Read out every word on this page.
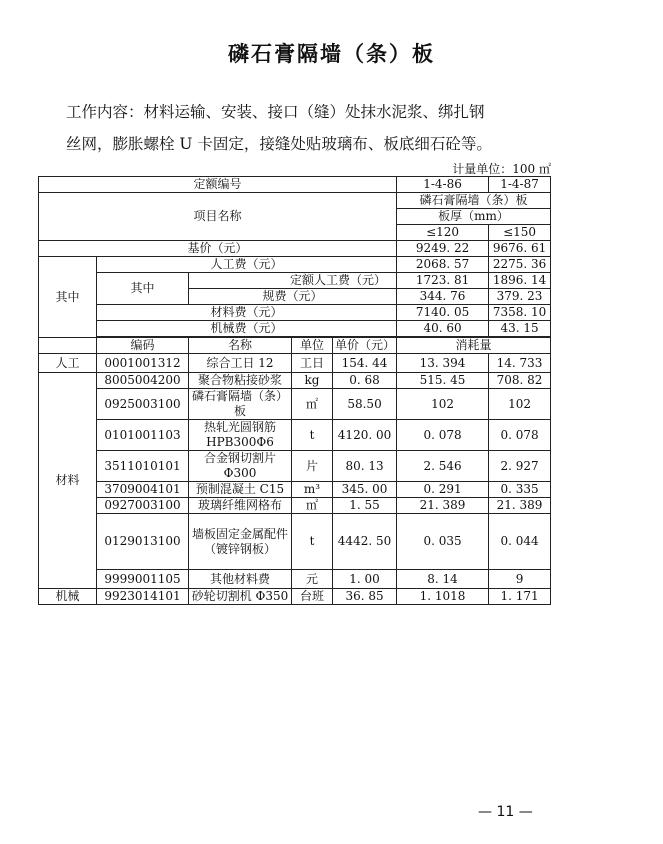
磷石膏隔墙（条）板
工作内容：材料运输、安装、接口（缝）处抹水泥浆、绑扎钢
丝网，膨胀螺栓 U 卡固定，接缝处贴玻璃布、板底细石砼等。
计量单位：100 ㎡
定额编号					1-4-86	1-4-87
项目名称					磷石膏隔墙（条）板	
					板厚（mm）	
					≤120	≤150
基价（元）					9249. 22	9676. 61
其中	人工费（元）				2068. 57	2275. 36
	其中	定额人工费（元）			1723. 81	1896. 14
		规费（元）			344. 76	379. 23
	材料费（元）				7140. 05	7358. 10
	机械费（元）				40. 60	43. 15

	编码	名称	单位	单价（元）	消耗量	
人工	0001001312	综合工日 12	工日	154. 44	13. 394	14. 733
材料	8005004200	聚合物粘接砂浆	kg	0. 68	515. 45	708. 82
	0925003100	磷石膏隔墙（条）板	㎡	58.50	102	102
	0101001103	热轧光圆钢筋 HPB300Φ6	t	4120. 00	0. 078	0. 078
	3511010101	合金钢切割片 Φ300	片	80. 13	2. 546	2. 927
	3709004101	预制混凝土 C15	m³	345. 00	0. 291	0. 335
	0927003100	玻璃纤维网格布	㎡	1. 55	21. 389	21. 389
	0129013100	墙板固定金属配件（镀锌钢板）	t	4442. 50	0. 035	0. 044
	9999001105	其他材料费	元	1. 00	8. 14	9
机械	9923014101	砂轮切割机 Φ350	台班	36. 85	1. 1018	1. 171
— 11 —
